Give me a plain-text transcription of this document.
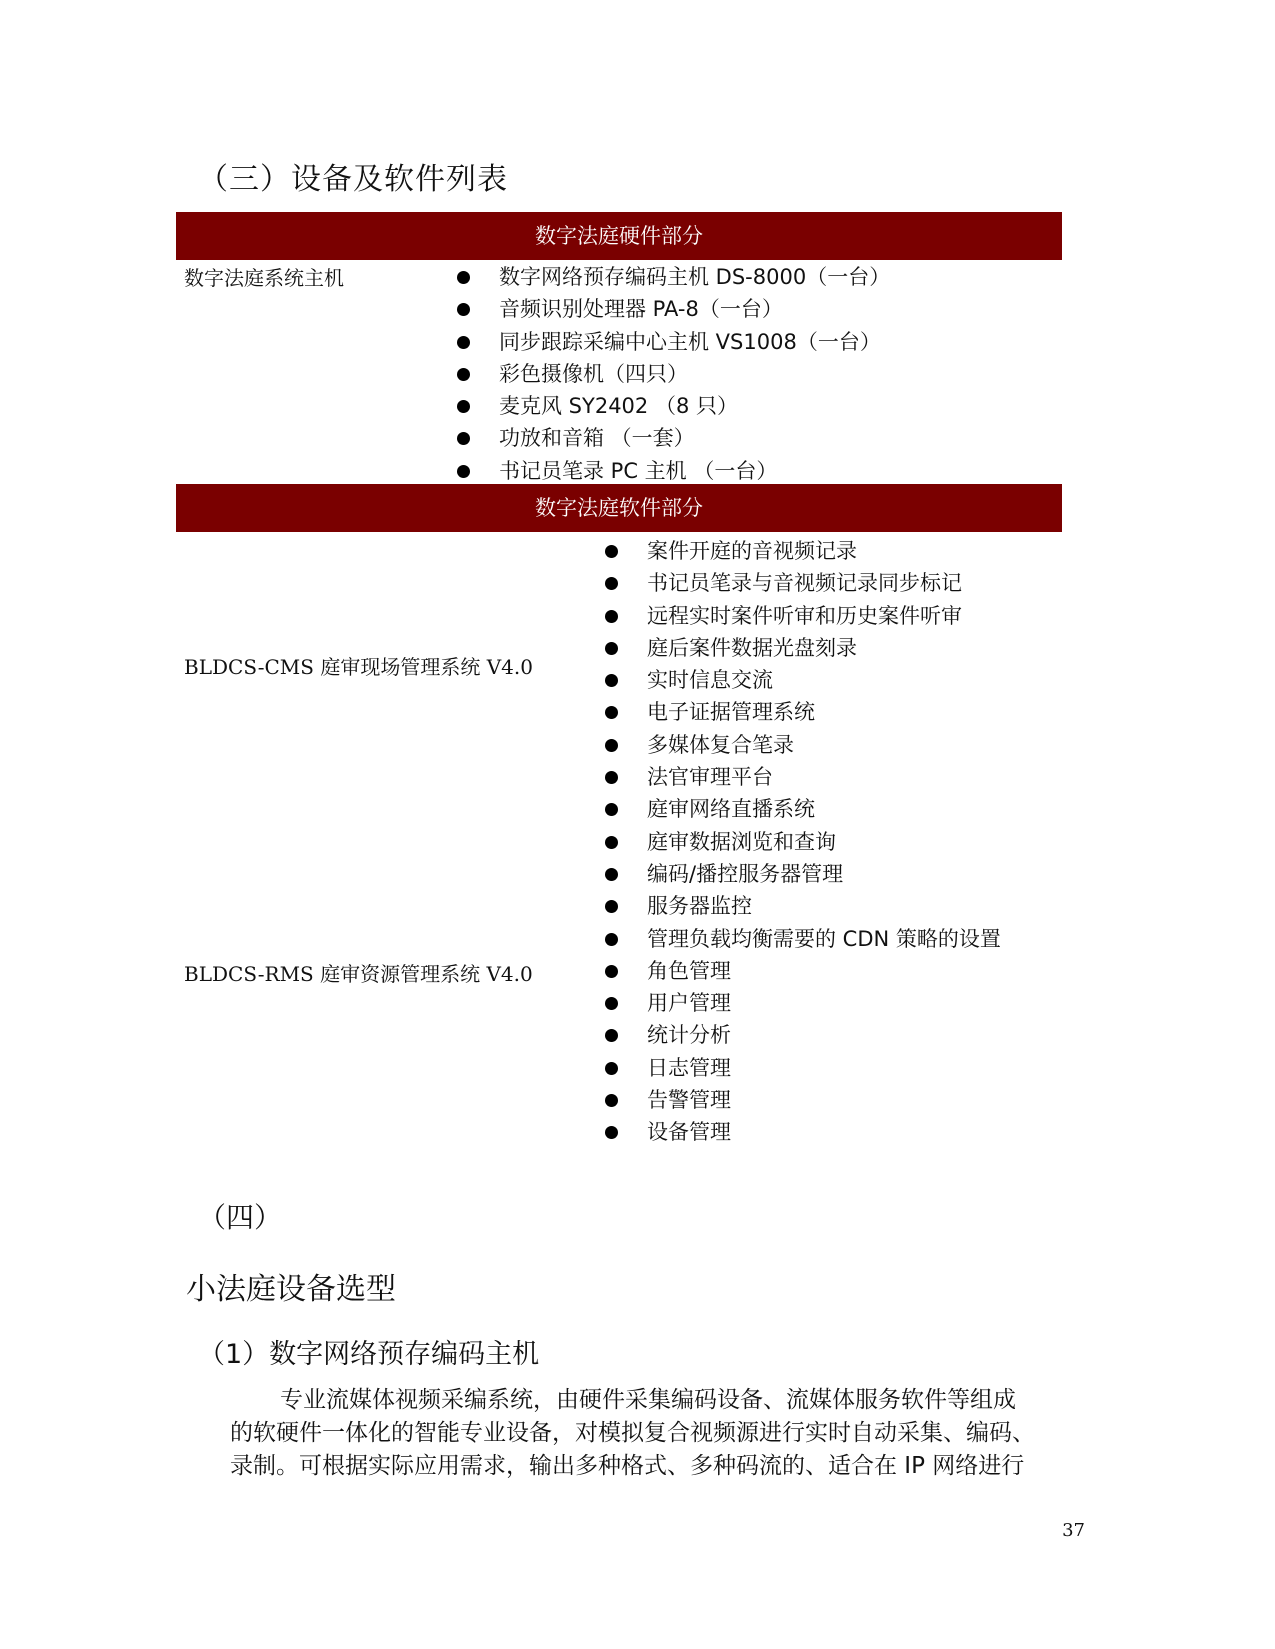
（三）设备及软件列表
数字法庭硬件部分
数字法庭系统主机	数字网络预存编码主机 DS-8000（一台）
音频识别处理器 PA-8（一台）
同步跟踪采编中心主机 VS1008（一台）
彩色摄像机（四只）
麦克风 SY2402 （8 只）
功放和音箱 （一套）
书记员笔录 PC 主机 （一台）
数字法庭软件部分
BLDCS-CMS 庭审现场管理系统 V4.0
BLDCS-RMS 庭审资源管理系统 V4.0
案件开庭的音视频记录
书记员笔录与音视频记录同步标记
远程实时案件听审和历史案件听审
庭后案件数据光盘刻录
实时信息交流
电子证据管理系统
多媒体复合笔录
法官审理平台
庭审网络直播系统
庭审数据浏览和查询
编码/播控服务器管理
服务器监控
管理负载均衡需要的 CDN 策略的设置
角色管理
用户管理
统计分析
日志管理
告警管理
设备管理
（四）
小法庭设备选型
（1）数字网络预存编码主机

专业流媒体视频采编系统，由硬件采集编码设备、流媒体服务软件等组成

的软硬件一体化的智能专业设备，对模拟复合视频源进行实时自动采集、编码、

录制。可根据实际应用需求，输出多种格式、多种码流的、适合在 IP 网络进行

37
